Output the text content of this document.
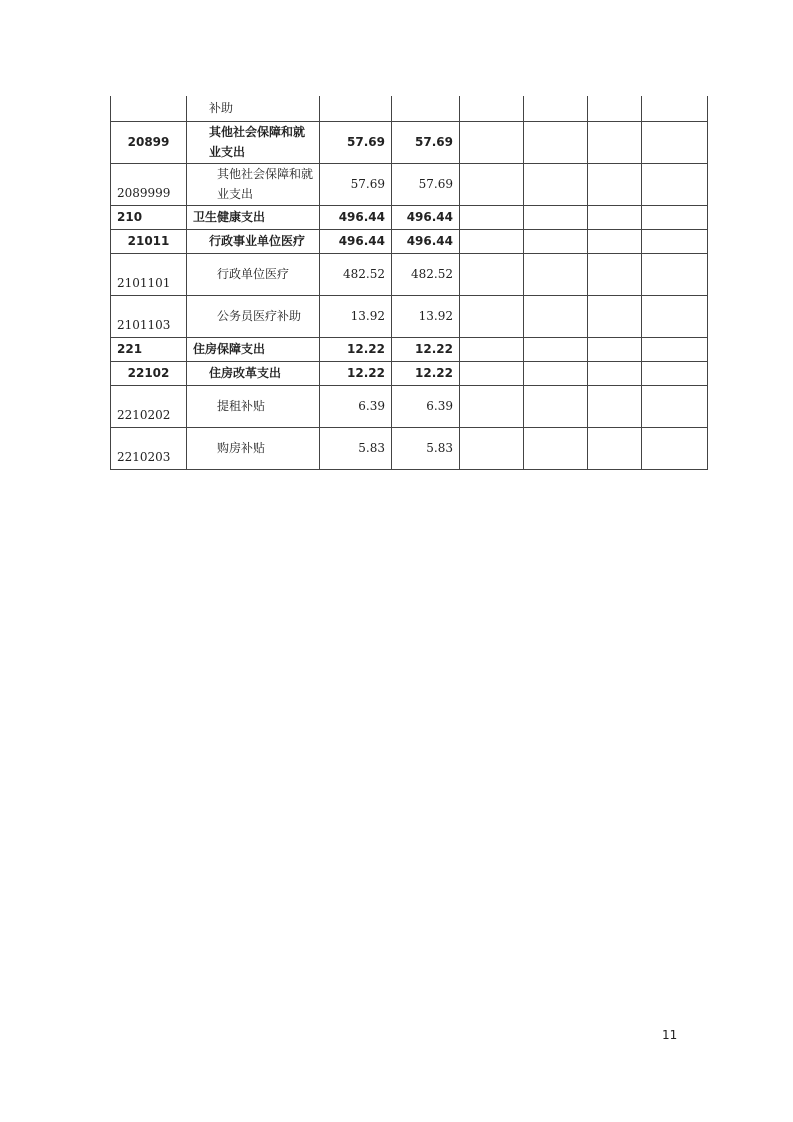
	补助						
20899	其他社会保障和就业支出	57.69	57.69				
2089999	其他社会保障和就业支出	57.69	57.69				
210	卫生健康支出	496.44	496.44				
21011	行政事业单位医疗	496.44	496.44				
2101101	行政单位医疗	482.52	482.52				
2101103	公务员医疗补助	13.92	13.92				
221	住房保障支出	12.22	12.22				
22102	住房改革支出	12.22	12.22				
2210202	提租补贴	6.39	6.39				
2210203	购房补贴	5.83	5.83				
11
